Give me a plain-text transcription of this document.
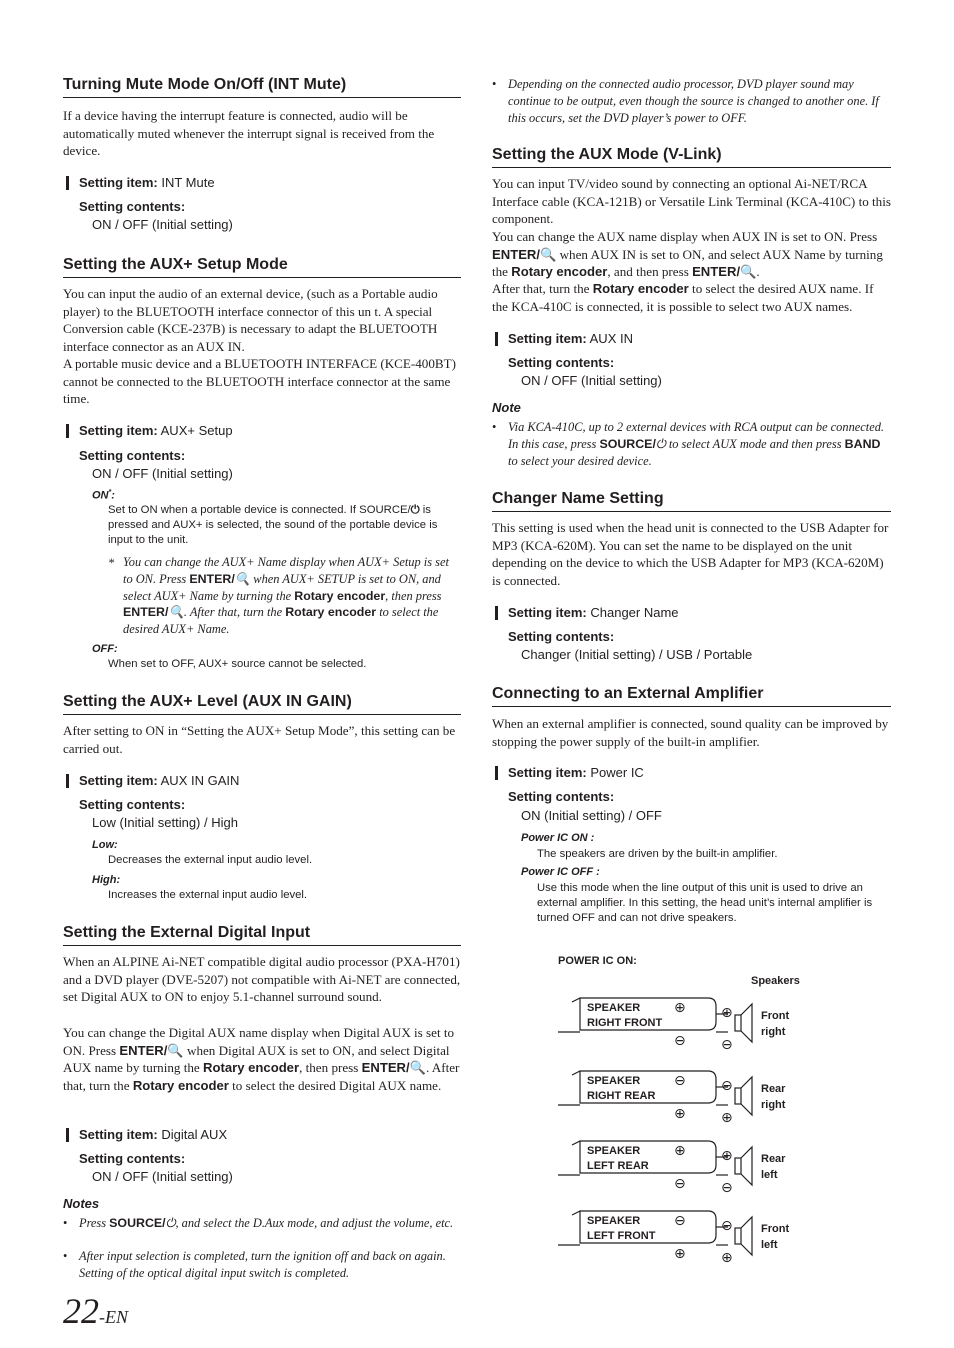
Turning Mute Mode On/Off (INT Mute)

If a device having the interrupt feature is connected, audio will be automatically muted whenever the interrupt signal is received from the device.

Setting item: INT Mute
Setting contents:
ON / OFF (Initial setting)
Setting the AUX+ Setup Mode

You can input the audio of an external device, (such as a Portable audio player) to the BLUETOOTH interface connector of this un t. A special Conversion cable (KCE-237B) is necessary to adapt the BLUETOOTH interface connector as an AUX IN.

A portable music device and a BLUETOOTH INTERFACE (KCE-400BT) cannot be connected to the BLUETOOTH interface connector at the same time.

Setting item: AUX+ Setup
Setting contents:
ON / OFF (Initial setting)
ON*:
Set to ON when a portable device is connected. If SOURCE/⏻ is pressed and AUX+ is selected, the sound of the portable device is input to the unit.
* You can change the AUX+ Name display when AUX+ Setup is set to ON. Press ENTER/🔍 when AUX+ SETUP is set to ON, and select AUX+ Name by turning the Rotary encoder, then press ENTER/🔍. After that, turn the Rotary encoder to select the desired AUX+ Name.
OFF:
When set to OFF, AUX+ source cannot be selected.
Setting the AUX+ Level (AUX IN GAIN)

After setting to ON in “Setting the AUX+ Setup Mode”, this setting can be carried out.

Setting item: AUX IN GAIN
Setting contents:
Low (Initial setting) / High
Low:
Decreases the external input audio level.
High:
Increases the external input audio level.
Setting the External Digital Input

When an ALPINE Ai-NET compatible digital audio processor (PXA-H701) and a DVD player (DVE-5207) not compatible with Ai-NET are connected, set Digital AUX to ON to enjoy 5.1-channel surround sound.

You can change the Digital AUX name display when Digital AUX is set to ON. Press ENTER/🔍 when Digital AUX is set to ON, and select Digital AUX name by turning the Rotary encoder, then press ENTER/🔍. After that, turn the Rotary encoder to select the desired Digital AUX name.

Setting item: Digital AUX
Setting contents:
ON / OFF (Initial setting)
Notes
• Press SOURCE/⏻, and select the D.Aux mode, and adjust the volume, etc.
• After input selection is completed, turn the ignition off and back on again. Setting of the optical digital input switch is completed.
• Depending on the connected audio processor, DVD player sound may continue to be output, even though the source is changed to another one. If this occurs, set the DVD player’s power to OFF.
Setting the AUX Mode (V-Link)

You can input TV/video sound by connecting an optional Ai-NET/RCA Interface cable (KCA-121B) or Versatile Link Terminal (KCA-410C) to this component.

You can change the AUX name display when AUX IN is set to ON. Press ENTER/🔍 when AUX IN is set to ON, and select AUX Name by turning the Rotary encoder, and then press ENTER/🔍.

After that, turn the Rotary encoder to select the desired AUX name. If the KCA-410C is connected, it is possible to select two AUX names.

Setting item: AUX IN
Setting contents:
ON / OFF (Initial setting)
Note
• Via KCA-410C, up to 2 external devices with RCA output can be connected. In this case, press SOURCE/⏻ to select AUX mode and then press BAND to select your desired device.
Changer Name Setting

This setting is used when the head unit is connected to the USB Adapter for MP3 (KCA-620M). You can set the name to be displayed on the unit depending on the device to which the USB Adapter for MP3 (KCA-620M) is connected.

Setting item: Changer Name
Setting contents:
Changer (Initial setting) / USB / Portable
Connecting to an External Amplifier

When an external amplifier is connected, sound quality can be improved by stopping the power supply of the built-in amplifier.

Setting item: Power IC
Setting contents:
ON (Initial setting) / OFF
Power IC ON :
The speakers are driven by the built-in amplifier.
Power IC OFF :
Use this mode when the line output of this unit is used to drive an external amplifier. In this setting, the head unit’s internal amplifier is turned OFF and can not drive speakers.
POWER IC ON:
Speakers
SPEAKER
RIGHT FRONT
⊕
⊖
⊕
⊖
Front
right
SPEAKER
RIGHT REAR
⊖
⊕
⊖
⊕
Rear
right
SPEAKER
LEFT REAR
⊕
⊖
⊕
⊖
Rear
left
SPEAKER
LEFT FRONT
⊖
⊕
⊖
⊕
Front
left
22-EN
